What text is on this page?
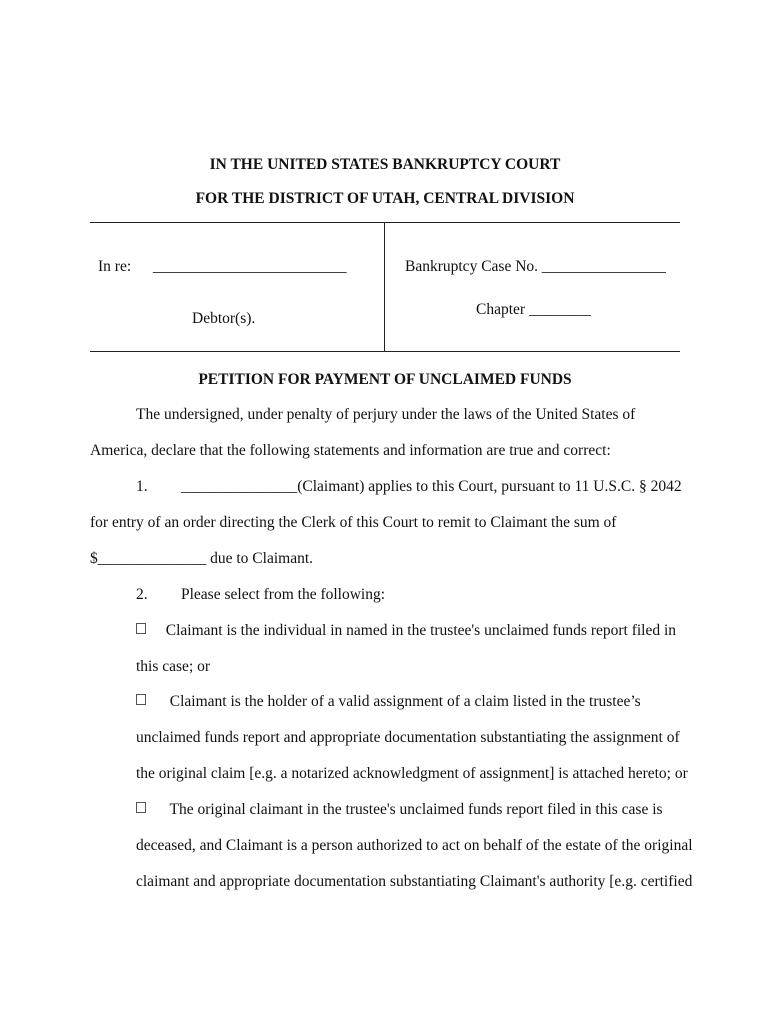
IN THE UNITED STATES BANKRUPTCY COURT
FOR THE DISTRICT OF UTAH, CENTRAL DIVISION
In re: _________________________
Debtor(s).
Bankruptcy Case No. ________________
Chapter ________
PETITION FOR PAYMENT OF UNCLAIMED FUNDS
The undersigned, under penalty of perjury under the laws of the United States of
America, declare that the following statements and information are true and correct:
1. _______________(Claimant) applies to this Court, pursuant to 11 U.S.C. § 2042
for entry of an order directing the Clerk of this Court to remit to Claimant the sum of
$______________ due to Claimant.
2. Please select from the following:
Claimant is the individual in named in the trustee's unclaimed funds report filed in
this case; or
Claimant is the holder of a valid assignment of a claim listed in the trustee’s
unclaimed funds report and appropriate documentation substantiating the assignment of
the original claim [e.g. a notarized acknowledgment of assignment] is attached hereto; or
The original claimant in the trustee's unclaimed funds report filed in this case is
deceased, and Claimant is a person authorized to act on behalf of the estate of the original
claimant and appropriate documentation substantiating Claimant's authority [e.g. certified
